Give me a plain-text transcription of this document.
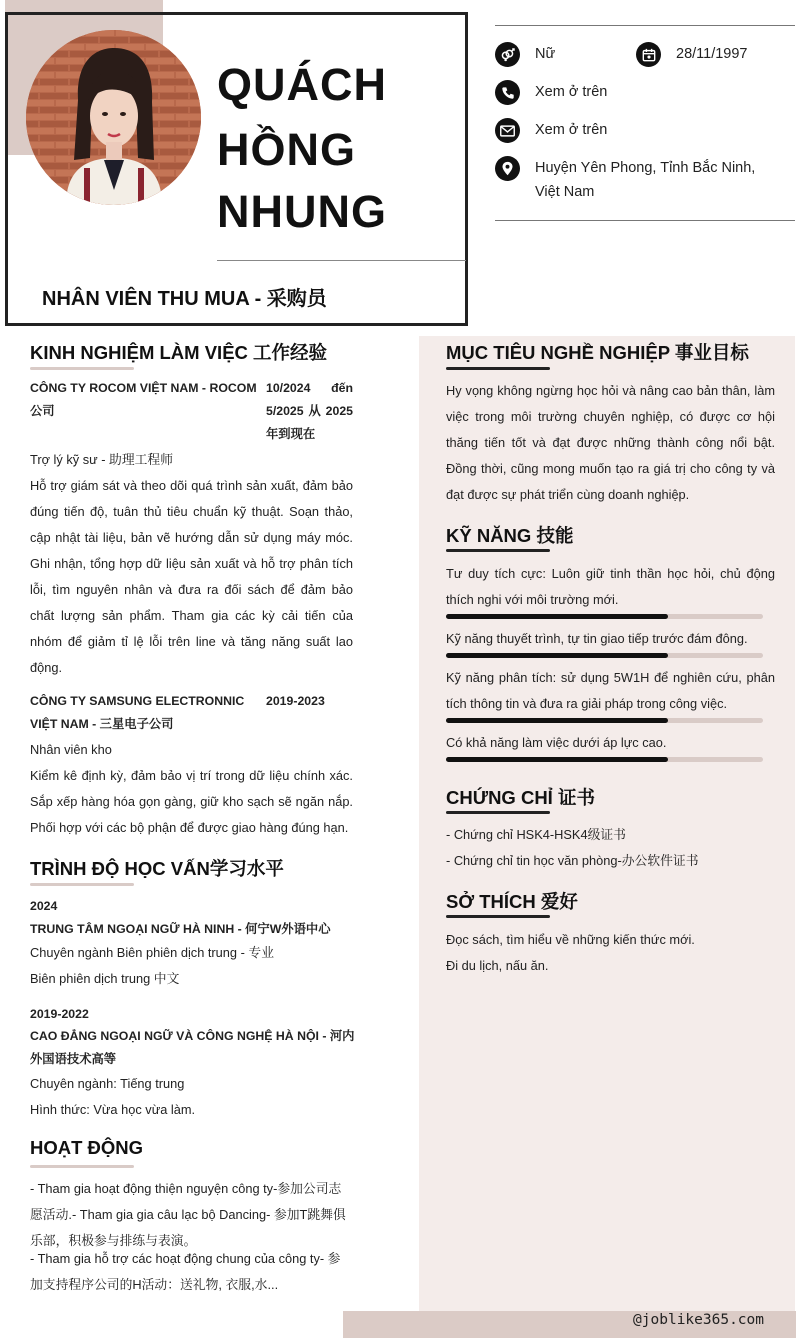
QUÁCH
HỒNG
NHUNG
NHÂN VIÊN THU MUA - 采购员
Nữ	28/11/1997
Xem ở trên
Xem ở trên
Huyện Yên Phong, Tỉnh Bắc Ninh, Việt Nam
KINH NGHIỆM LÀM VIỆC 工作经验
CÔNG TY ROCOM VIỆT NAM - ROCOM 公司
10/2024 đến 5/2025从2025年到现在
Trợ lý kỹ sư - 助理工程师
Hỗ trợ giám sát và theo dõi quá trình sản xuất, đảm bảo đúng tiến độ, tuân thủ tiêu chuẩn kỹ thuật. Soạn thảo, cập nhật tài liệu, bản vẽ hướng dẫn sử dụng máy móc. Ghi nhận, tổng hợp dữ liệu sản xuất và hỗ trợ phân tích lỗi, tìm nguyên nhân và đưa ra đối sách để đảm bảo chất lượng sản phẩm. Tham gia các kỳ cải tiến của nhóm để giảm tỉ lệ lỗi trên line và tăng năng suất lao động.
CÔNG TY SAMSUNG ELECTRONNIC VIỆT NAM - 三星电子公司
2019-2023
Nhân viên kho
Kiểm kê định kỳ, đảm bảo vị trí trong dữ liệu chính xác. Sắp xếp hàng hóa gọn gàng, giữ kho sạch sẽ ngăn nắp. Phối hợp với các bộ phận để được giao hàng đúng hạn.
TRÌNH ĐỘ HỌC VẤN学习水平
2024
TRUNG TÂM NGOẠI NGỮ HÀ NINH - 何宁W外语中心
Chuyên ngành Biên phiên dịch trung - 专业
Biên phiên dịch trung 中文
2019-2022
CAO ĐẲNG NGOẠI NGỮ VÀ CÔNG NGHỆ HÀ NỘI - 河内外国语技术高等
Chuyên ngành: Tiếng trung
Hình thức: Vừa học vừa làm.
HOẠT ĐỘNG
- Tham gia hoạt động thiện nguyện công ty-参加公司志愿活动.- Tham gia gia câu lạc bộ Dancing- 参加T跳舞俱乐部，积极参与排练与表演。
- Tham gia hỗ trợ các hoạt động chung của công ty- 参加支持程序公司的H活动：送礼物, 衣服,水...
MỤC TIÊU NGHỀ NGHIỆP 事业目标
Hy vọng không ngừng học hỏi và nâng cao bản thân, làm việc trong môi trường chuyên nghiệp, có được cơ hội thăng tiến tốt và đạt được những thành công nổi bật. Đồng thời, cũng mong muốn tạo ra giá trị cho công ty và đạt được sự phát triển cùng doanh nghiệp.
KỸ NĂNG 技能
Tư duy tích cực: Luôn giữ tinh thần học hỏi, chủ động thích nghi với môi trường mới.
Kỹ năng thuyết trình, tự tin giao tiếp trước đám đông.
Kỹ năng phân tích: sử dụng 5W1H để nghiên cứu, phân tích thông tin và đưa ra giải pháp trong công việc.
Có khả năng làm việc dưới áp lực cao.
CHỨNG CHỈ 证书
- Chứng chỉ HSK4-HSK4级证书
- Chứng chỉ tin học văn phòng-办公软件证书
SỞ THÍCH 爱好
Đọc sách, tìm hiểu về những kiến thức mới.
Đi du lịch, nấu ăn.
@joblike365.com
